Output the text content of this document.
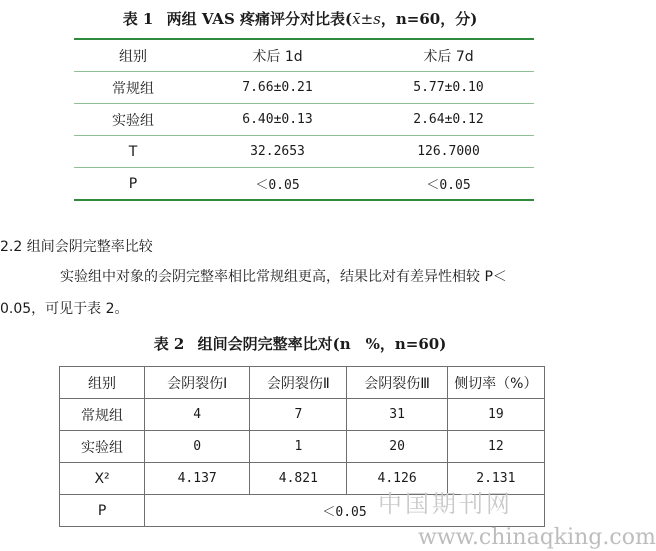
表 1 两组 VAS 疼痛评分对比表(x̄±s，n=60，分)
组别	术后 1d	术后 7d
常规组	7.66±0.21	5.77±0.10
实验组	6.40±0.13	2.64±0.12
T	32.2653	126.7000
P	＜0.05	＜0.05
2.2 组间会阴完整率比较
实验组中对象的会阴完整率相比常规组更高，结果比对有差异性相较 P＜
0.05，可见于表 2。
表 2 组间会阴完整率比对(n　%，n=60)
组别	会阴裂伤Ⅰ	会阴裂伤Ⅱ	会阴裂伤Ⅲ	侧切率（%）
常规组	4	7	31	19
实验组	0	1	20	12
X²	4.137	4.821	4.126	2.131
P	＜0.05			中国期刊网
www.chinaqking.com
